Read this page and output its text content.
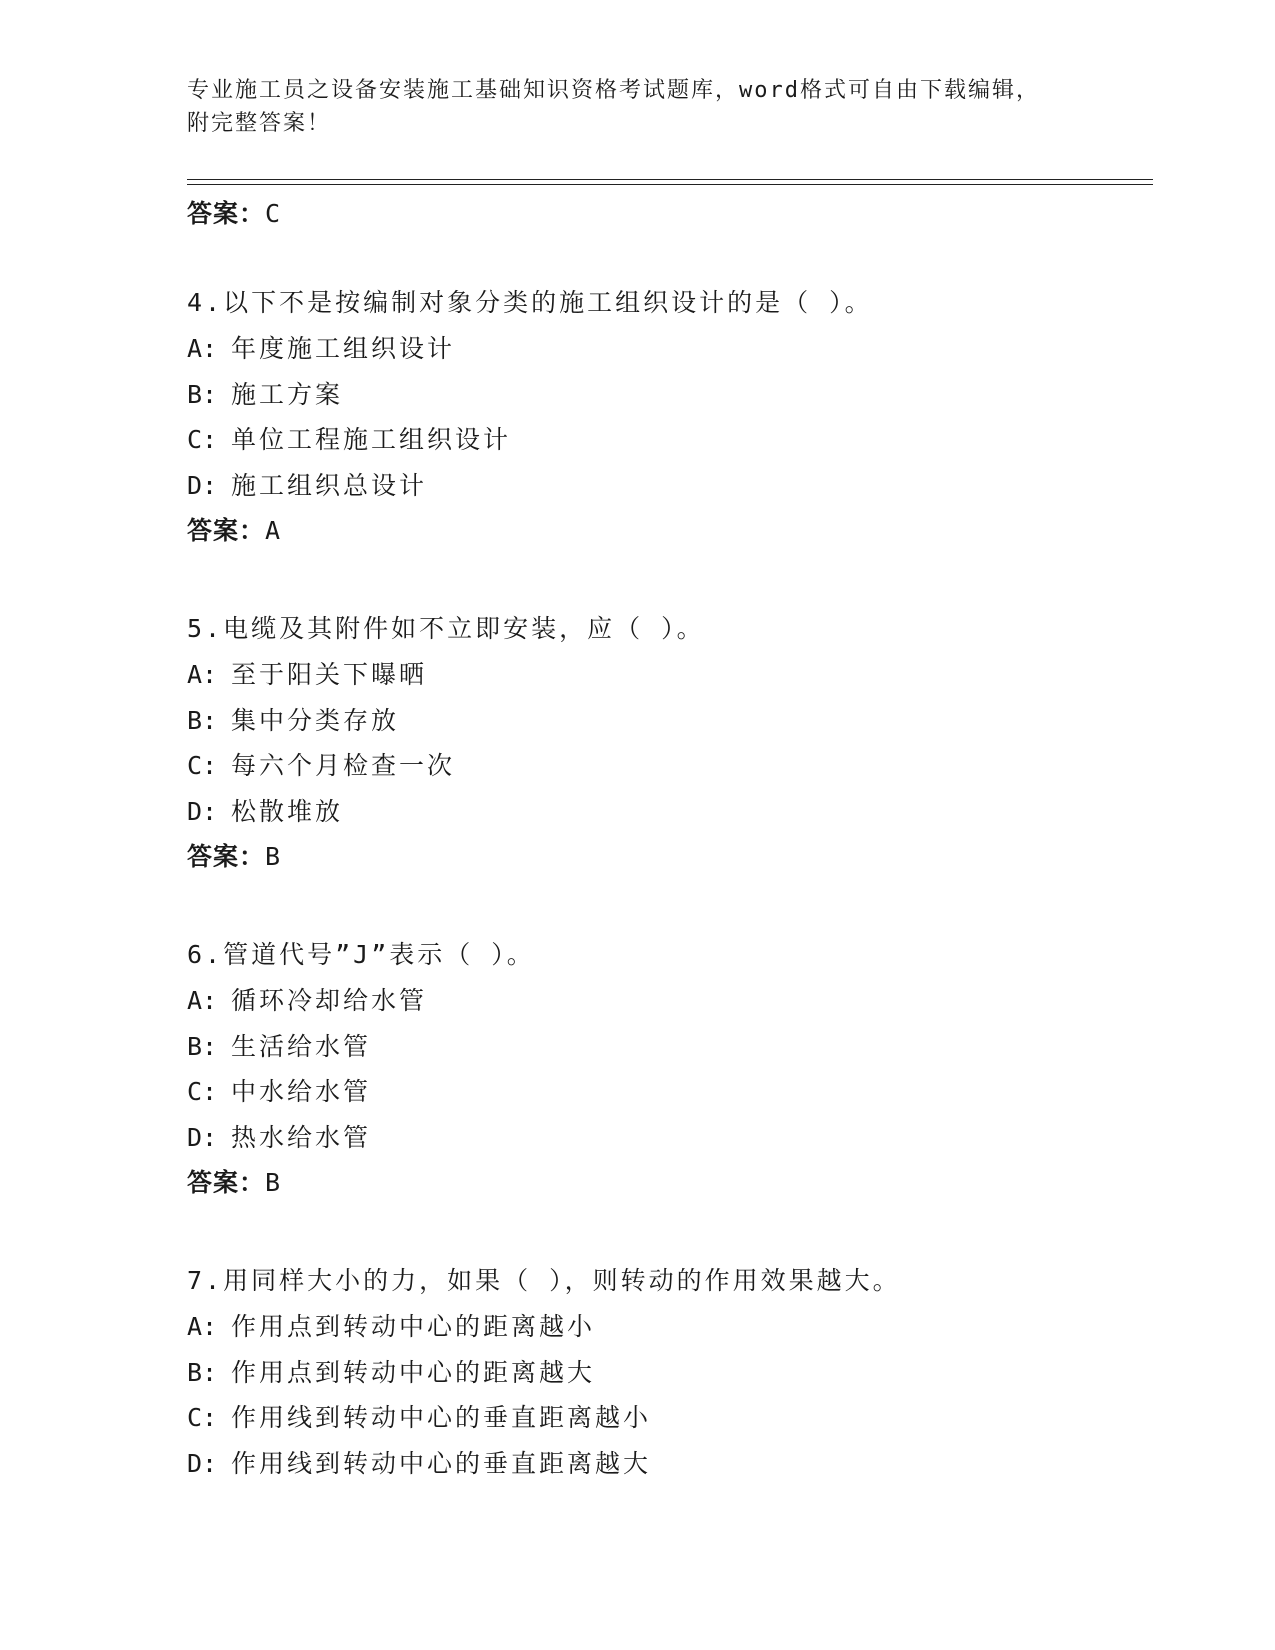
专业施工员之设备安装施工基础知识资格考试题库，word格式可自由下载编辑，
附完整答案！
答案：C
4.以下不是按编制对象分类的施工组织设计的是（ ）。
A: 年度施工组织设计
B: 施工方案
C: 单位工程施工组织设计
D: 施工组织总设计
答案：A
5.电缆及其附件如不立即安装，应（ ）。
A: 至于阳关下曝晒
B: 集中分类存放
C: 每六个月检查一次
D: 松散堆放
答案：B
6.管道代号”J”表示（ ）。
A: 循环冷却给水管
B: 生活给水管
C: 中水给水管
D: 热水给水管
答案：B
7.用同样大小的力，如果（ ），则转动的作用效果越大。
A: 作用点到转动中心的距离越小
B: 作用点到转动中心的距离越大
C: 作用线到转动中心的垂直距离越小
D: 作用线到转动中心的垂直距离越大
